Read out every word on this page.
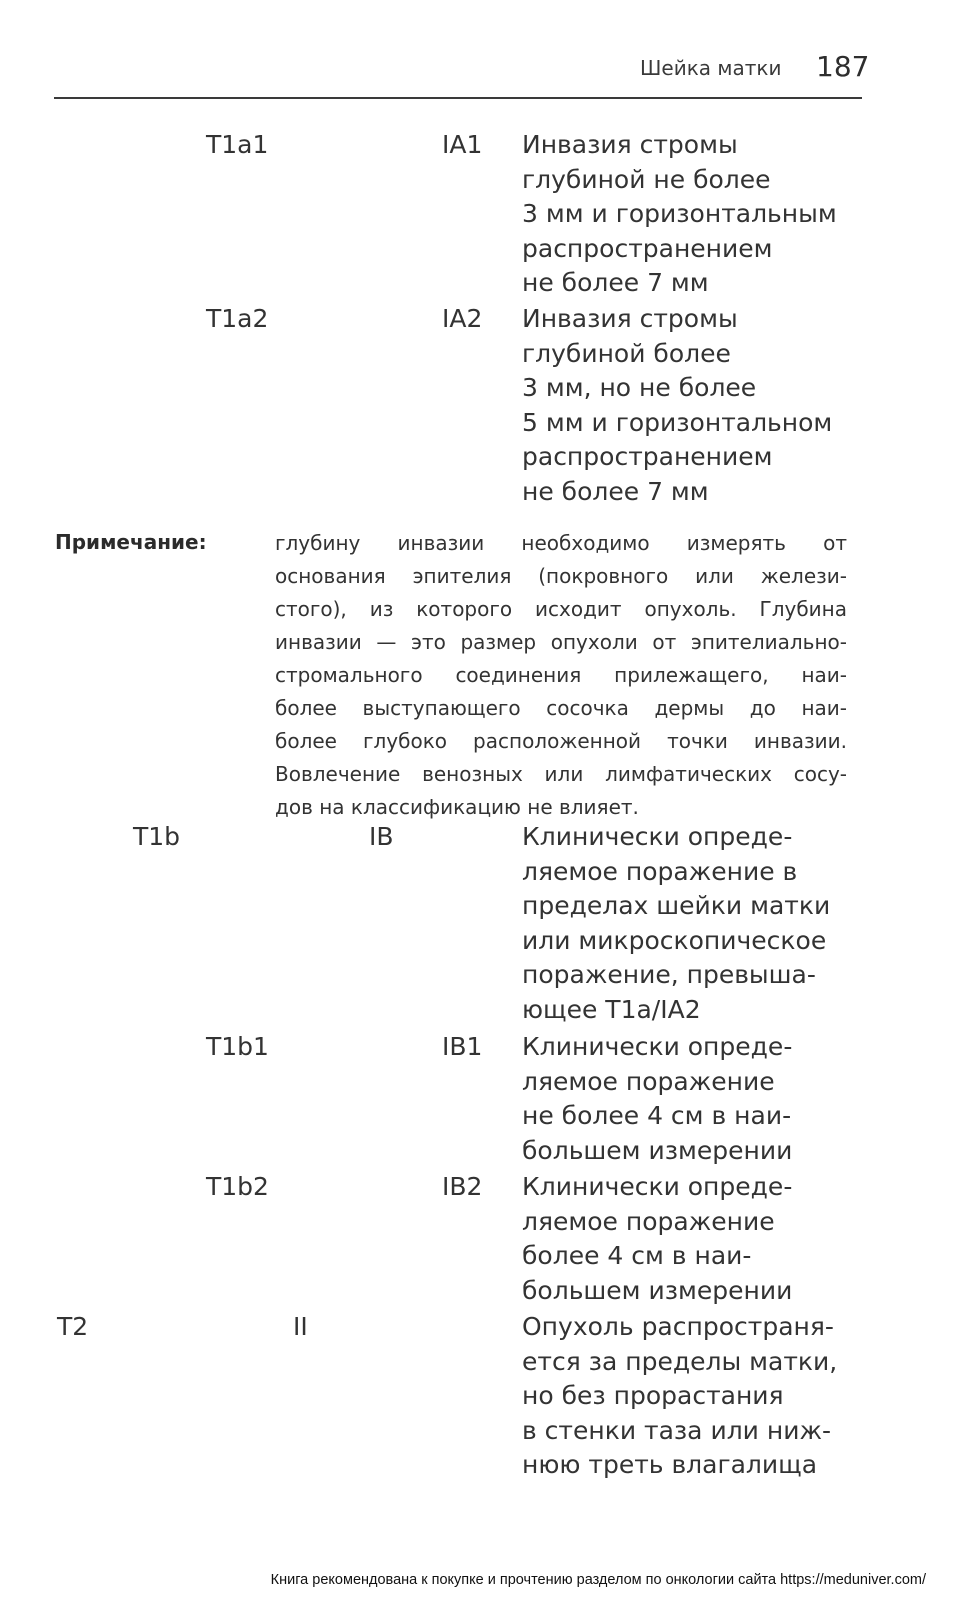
Шейка матки 187
T1a1	IA1 Инвазия стромы
глубиной не более
3 мм и горизонтальным
распространением
не более 7 мм
T1a2	IA2 Инвазия стромы
глубиной более
3 мм, но не более
5 мм и горизонтальном
распространением
не более 7 мм
Примечание:	глубину инвазии необходимо измерять от
основания эпителия (покровного или желези-
стого), из которого исходит опухоль. Глубина
инвазии — это размер опухоли от эпителиально-
стромального соединения прилежащего, наи-
более выступающего сосочка дермы до наи-
более глубоко расположенной точки инвазии.
Вовлечение венозных или лимфатических сосу-
дов на классификацию не влияет.
T1b	IB	Клинически опреде-
ляемое поражение в
пределах шейки матки
или микроскопическое
поражение, превыша-
ющее T1a/IA2
T1b1	IB1 Клинически опреде-
ляемое поражение
не более 4 см в наи-
большем измерении
T1b2	IB2 Клинически опреде-
ляемое поражение
более 4 см в наи-
большем измерении
T2	II	Опухоль распространя-
ется за пределы матки,
но без прорастания
в стенки таза или ниж-
нюю треть влагалища
Книга рекомендована к покупке и прочтению разделом по онкологии сайта https://meduniver.com/
